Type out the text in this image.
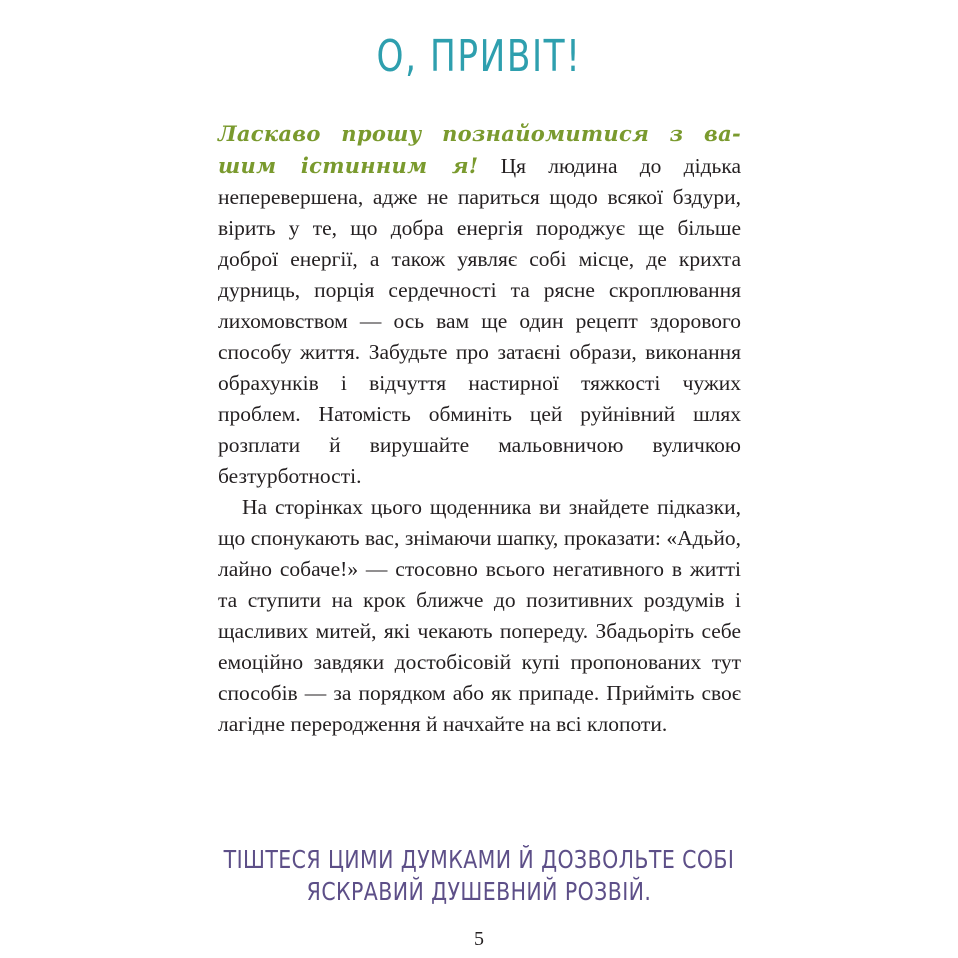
О, ПРИВІТ!

Ласкаво прошу познайомитися з ва-шим істинним я! Ця людина до дідька неперевершена, адже не париться щодо всякої бздури, вірить у те, що добра енергія породжує ще більше доброї енергії, а також уявляє собі місце, де крихта дурниць, порція сердечності та рясне скроплювання лихомовством — ось вам ще один рецепт здорового способу життя. Забудьте про затаєні образи, виконання обрахунків і відчуття настирної тяжкості чужих проблем. Натомість обминіть цей руйнівний шлях розплати й вирушайте мальовничою вуличкою безтурботності.

На сторінках цього щоденника ви знайдете підказки, що спонукають вас, знімаючи шапку, проказати: «Адьйо, лайно собаче!» — стосовно всього негативного в житті та ступити на крок ближче до позитивних роздумів і щасливих митей, які чекають попереду. Збадьоріть себе емоційно завдяки достобісовій купі пропонованих тут способів — за порядком або як припаде. Прийміть своє лагідне переродження й начхайте на всі клопоти.

ТІШТЕСЯ ЦИМИ ДУМКАМИ Й ДОЗВОЛЬТЕ СОБІ
ЯСКРАВИЙ ДУШЕВНИЙ РОЗВІЙ.
5
